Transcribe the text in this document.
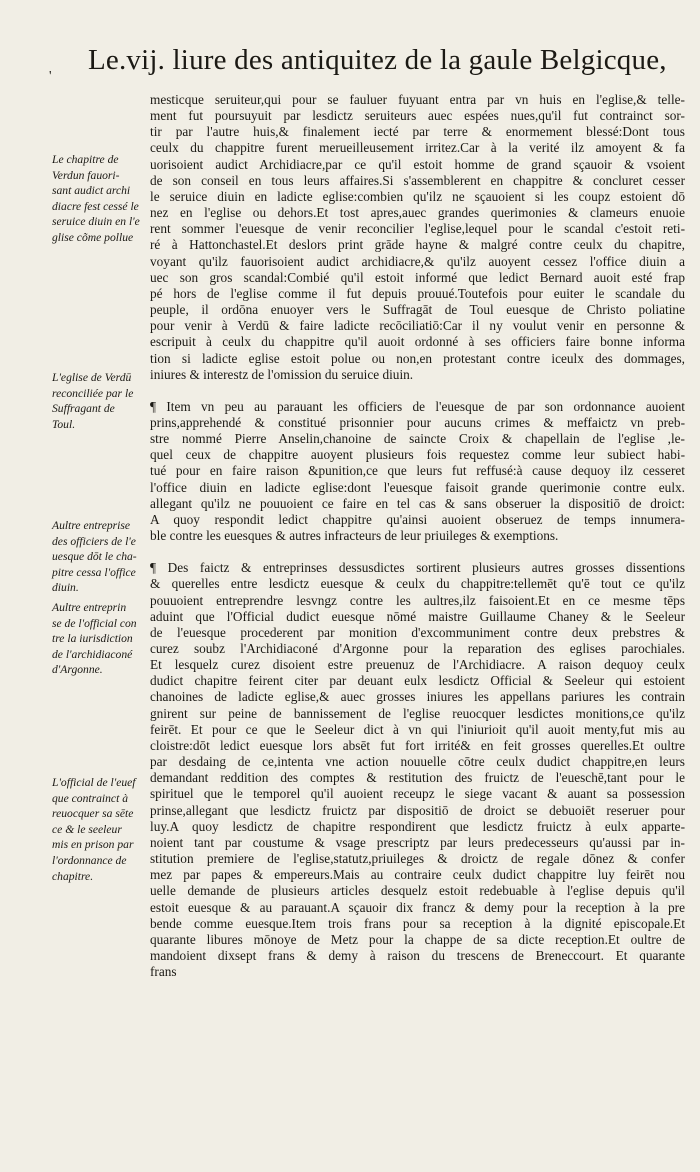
'
Le.vij. liure des antiquitez de la gaule Belgicque,
Le chapitre de
Verdun fauori-
sant audict archi
diacre fest cessé le
seruice diuin en l'e
glise cõme pollue
L'eglise de Verdū
reconciliée par le
Suffragant de
Toul.
Aultre entreprise
des officiers de l'e
uesque dōt le cha-
pitre cessa l'office
diuin.
Aultre entreprin
se de l'official con
tre la iurisdiction
de l'archidiaconé
d'Argonne.
L'official de l'euef
que contrainct à
reuocquer sa sēte
ce & le seeleur
mis en prison par
l'ordonnance de
chapitre.
mesticque seruiteur,qui pour se fauluer fuyuant entra par vn huis en l'eglise,& telle-
ment fut poursuyuit par lesdictz seruiteurs auec espées nues,qu'il fut contrainct sor-
tir par l'autre huis,& finalement iecté par terre & enormement blessé:Dont tous
ceulx du chappitre furent merueilleusement irritez.Car à la verité ilz amoyent & fa
uorisoient audict Archidiacre,par ce qu'il estoit homme de grand sçauoir & vsoient
de son conseil en tous leurs affaires.Si s'assemblerent en chappitre & concluret cesser
le seruice diuin en ladicte eglise:combien qu'ilz ne sçauoient si les coupz estoient dō
nez en l'eglise ou dehors.Et tost apres,auec grandes querimonies & clameurs enuoie
rent sommer l'euesque de venir reconcilier l'eglise,lequel pour le scandal c'estoit reti-
ré à Hattonchastel.Et deslors print grāde hayne & malgré contre ceulx du chapitre,
voyant qu'ilz fauorisoient audict archidiacre,& qu'ilz auoyent cessez l'office diuin a
uec son gros scandal:Combié qu'il estoit informé que ledict Bernard auoit esté frap
pé hors de l'eglise comme il fut depuis prouué.Toutefois pour euiter le scandale du
peuple, il ordōna enuoyer vers le Suffragāt de Toul euesque de Christo poliatine
pour venir à Verdū & faire ladicte recōciliatiō:Car il ny voulut venir en personne &
escripuit à ceulx du chappitre qu'il auoit ordonné à ses officiers faire bonne informa
tion si ladicte eglise estoit polue ou non,en protestant contre iceulx des dommages,
iniures & interestz de l'omission du seruice diuin.
¶ Item vn peu au parauant les officiers de l'euesque de par son ordonnance auoient
prins,apprehendé & constitué prisonnier pour aucuns crimes & meffaictz vn preb-
stre nommé Pierre Anselin,chanoine de saincte Croix & chapellain de l'eglise ,le-
quel ceux de chappitre auoyent plusieurs fois requestez comme leur subiect habi-
tué pour en faire raison &punition,ce que leurs fut reffusé:à cause dequoy ilz cesseret
l'office diuin en ladicte eglise:dont l'euesque faisoit grande querimonie contre eulx.
allegant qu'ilz ne pouuoient ce faire en tel cas & sans obseruer la dispositiō de droict:
A quoy respondit ledict chappitre qu'ainsi auoient obseruez de temps innumera-
ble contre les euesques & autres infracteurs de leur priuileges & exemptions.
¶ Des faictz & entreprinses dessusdictes sortirent plusieurs autres grosses dissentions
& querelles entre lesdictz euesque & ceulx du chappitre:tellemēt qu'ē tout ce qu'ilz
pouuoient entreprendre lesvngz contre les aultres,ilz faisoient.Et en ce mesme tēps
aduint que l'Official dudict euesque nōmé maistre Guillaume Chaney & le Seeleur
de l'euesque procederent par monition d'excommuniment contre deux prebstres &
curez soubz l'Archidiaconé d'Argonne pour la reparation des eglises parochiales.
Et lesquelz curez disoient estre preuenuz de l'Archidiacre. A raison dequoy ceulx
dudict chapitre feirent citer par deuant eulx lesdictz Official & Seeleur qui estoient
chanoines de ladicte eglise,& auec grosses iniures les appellans pariures les contrain
gnirent sur peine de bannissement de l'eglise reuocquer lesdictes monitions,ce qu'ilz
feirēt. Et pour ce que le Seeleur dict à vn qui l'iniurioit qu'il auoit menty,fut mis au
cloistre:dōt ledict euesque lors absēt fut fort irrité& en feit grosses querelles.Et oultre
par desdaing de ce,intenta vne action nouuelle cōtre ceulx dudict chappitre,en leurs
demandant reddition des comptes & restitution des fruictz de l'eueschē,tant pour le
spirituel que le temporel qu'il auoient receupz le siege vacant & auant sa possession
prinse,allegant que lesdictz fruictz par dispositiō de droict se debuoiēt reseruer pour
luy.A quoy lesdictz de chapitre respondirent que lesdictz fruictz à eulx apparte-
noient tant par coustume & vsage prescriptz par leurs predecesseurs qu'aussi par in-
stitution premiere de l'eglise,statutz,priuileges & droictz de regale dōnez & confer
mez par papes & empereurs.Mais au contraire ceulx dudict chappitre luy feirēt nou
uelle demande de plusieurs articles desquelz estoit redebuable à l'eglise depuis qu'il
estoit euesque & au parauant.A sçauoir dix francz & demy pour la reception à la pre
bende comme euesque.Item trois frans pour sa reception à la dignité episcopale.Et
quarante libures mōnoye de Metz pour la chappe de sa dicte reception.Et oultre de
mandoient dixsept frans & demy à raison du trescens de Breneccourt. Et quarante
frans
